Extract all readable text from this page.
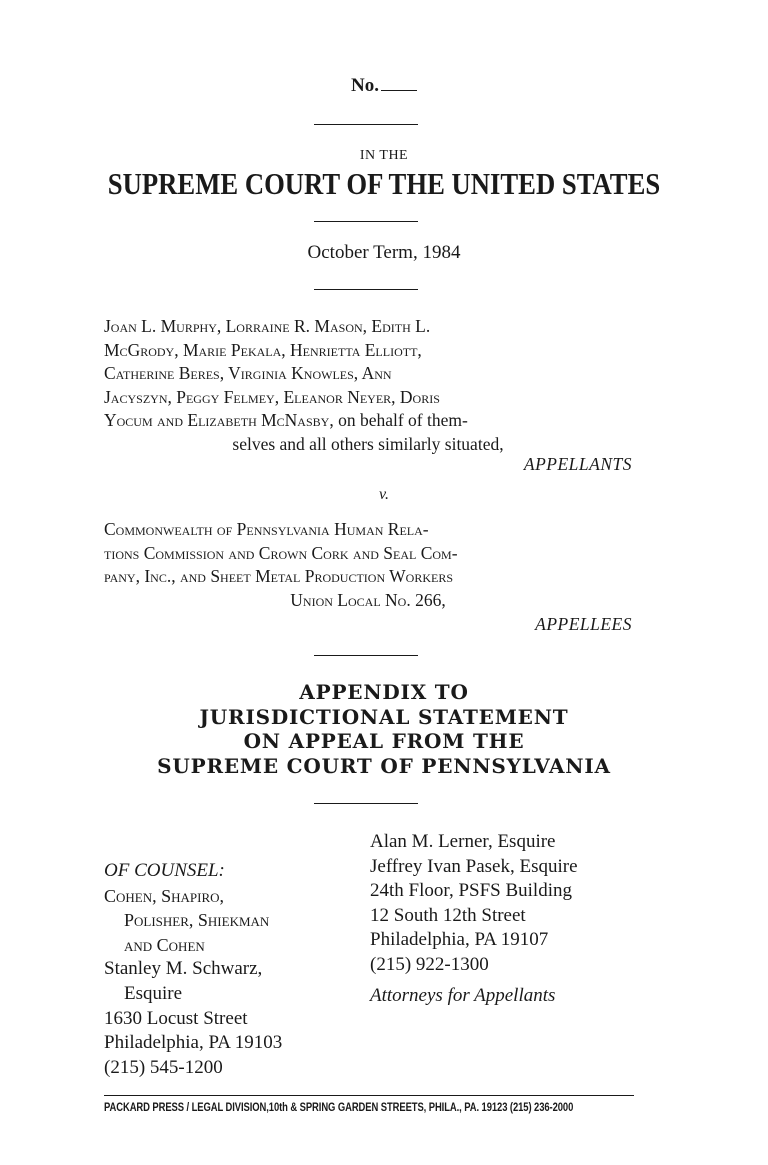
No.
IN THE
SUPREME COURT OF THE UNITED STATES
October Term, 1984
Joan L. Murphy, Lorraine R. Mason, Edith L.
McGrody, Marie Pekala, Henrietta Elliott,
Catherine Beres, Virginia Knowles, Ann
Jacyszyn, Peggy Felmey, Eleanor Neyer, Doris
Yocum and Elizabeth McNasby, on behalf of them-
selves and all others similarly situated,
APPELLANTS
v.
Commonwealth of Pennsylvania Human Rela-
tions Commission and Crown Cork and Seal Com-
pany, Inc., and Sheet Metal Production Workers
Union Local No. 266,
APPELLEES
APPENDIX TO
JURISDICTIONAL STATEMENT
ON APPEAL FROM THE
SUPREME COURT OF PENNSYLVANIA
OF COUNSEL:
Cohen, Shapiro,
Polisher, Shiekman
and Cohen
Stanley M. Schwarz,
Esquire
1630 Locust Street
Philadelphia, PA 19103
(215) 545-1200
Alan M. Lerner, Esquire
Jeffrey Ivan Pasek, Esquire
24th Floor, PSFS Building
12 South 12th Street
Philadelphia, PA 19107
(215) 922-1300
Attorneys for Appellants
PACKARD PRESS / LEGAL DIVISION,10th & SPRING GARDEN STREETS, PHILA., PA. 19123 (215) 236-2000
